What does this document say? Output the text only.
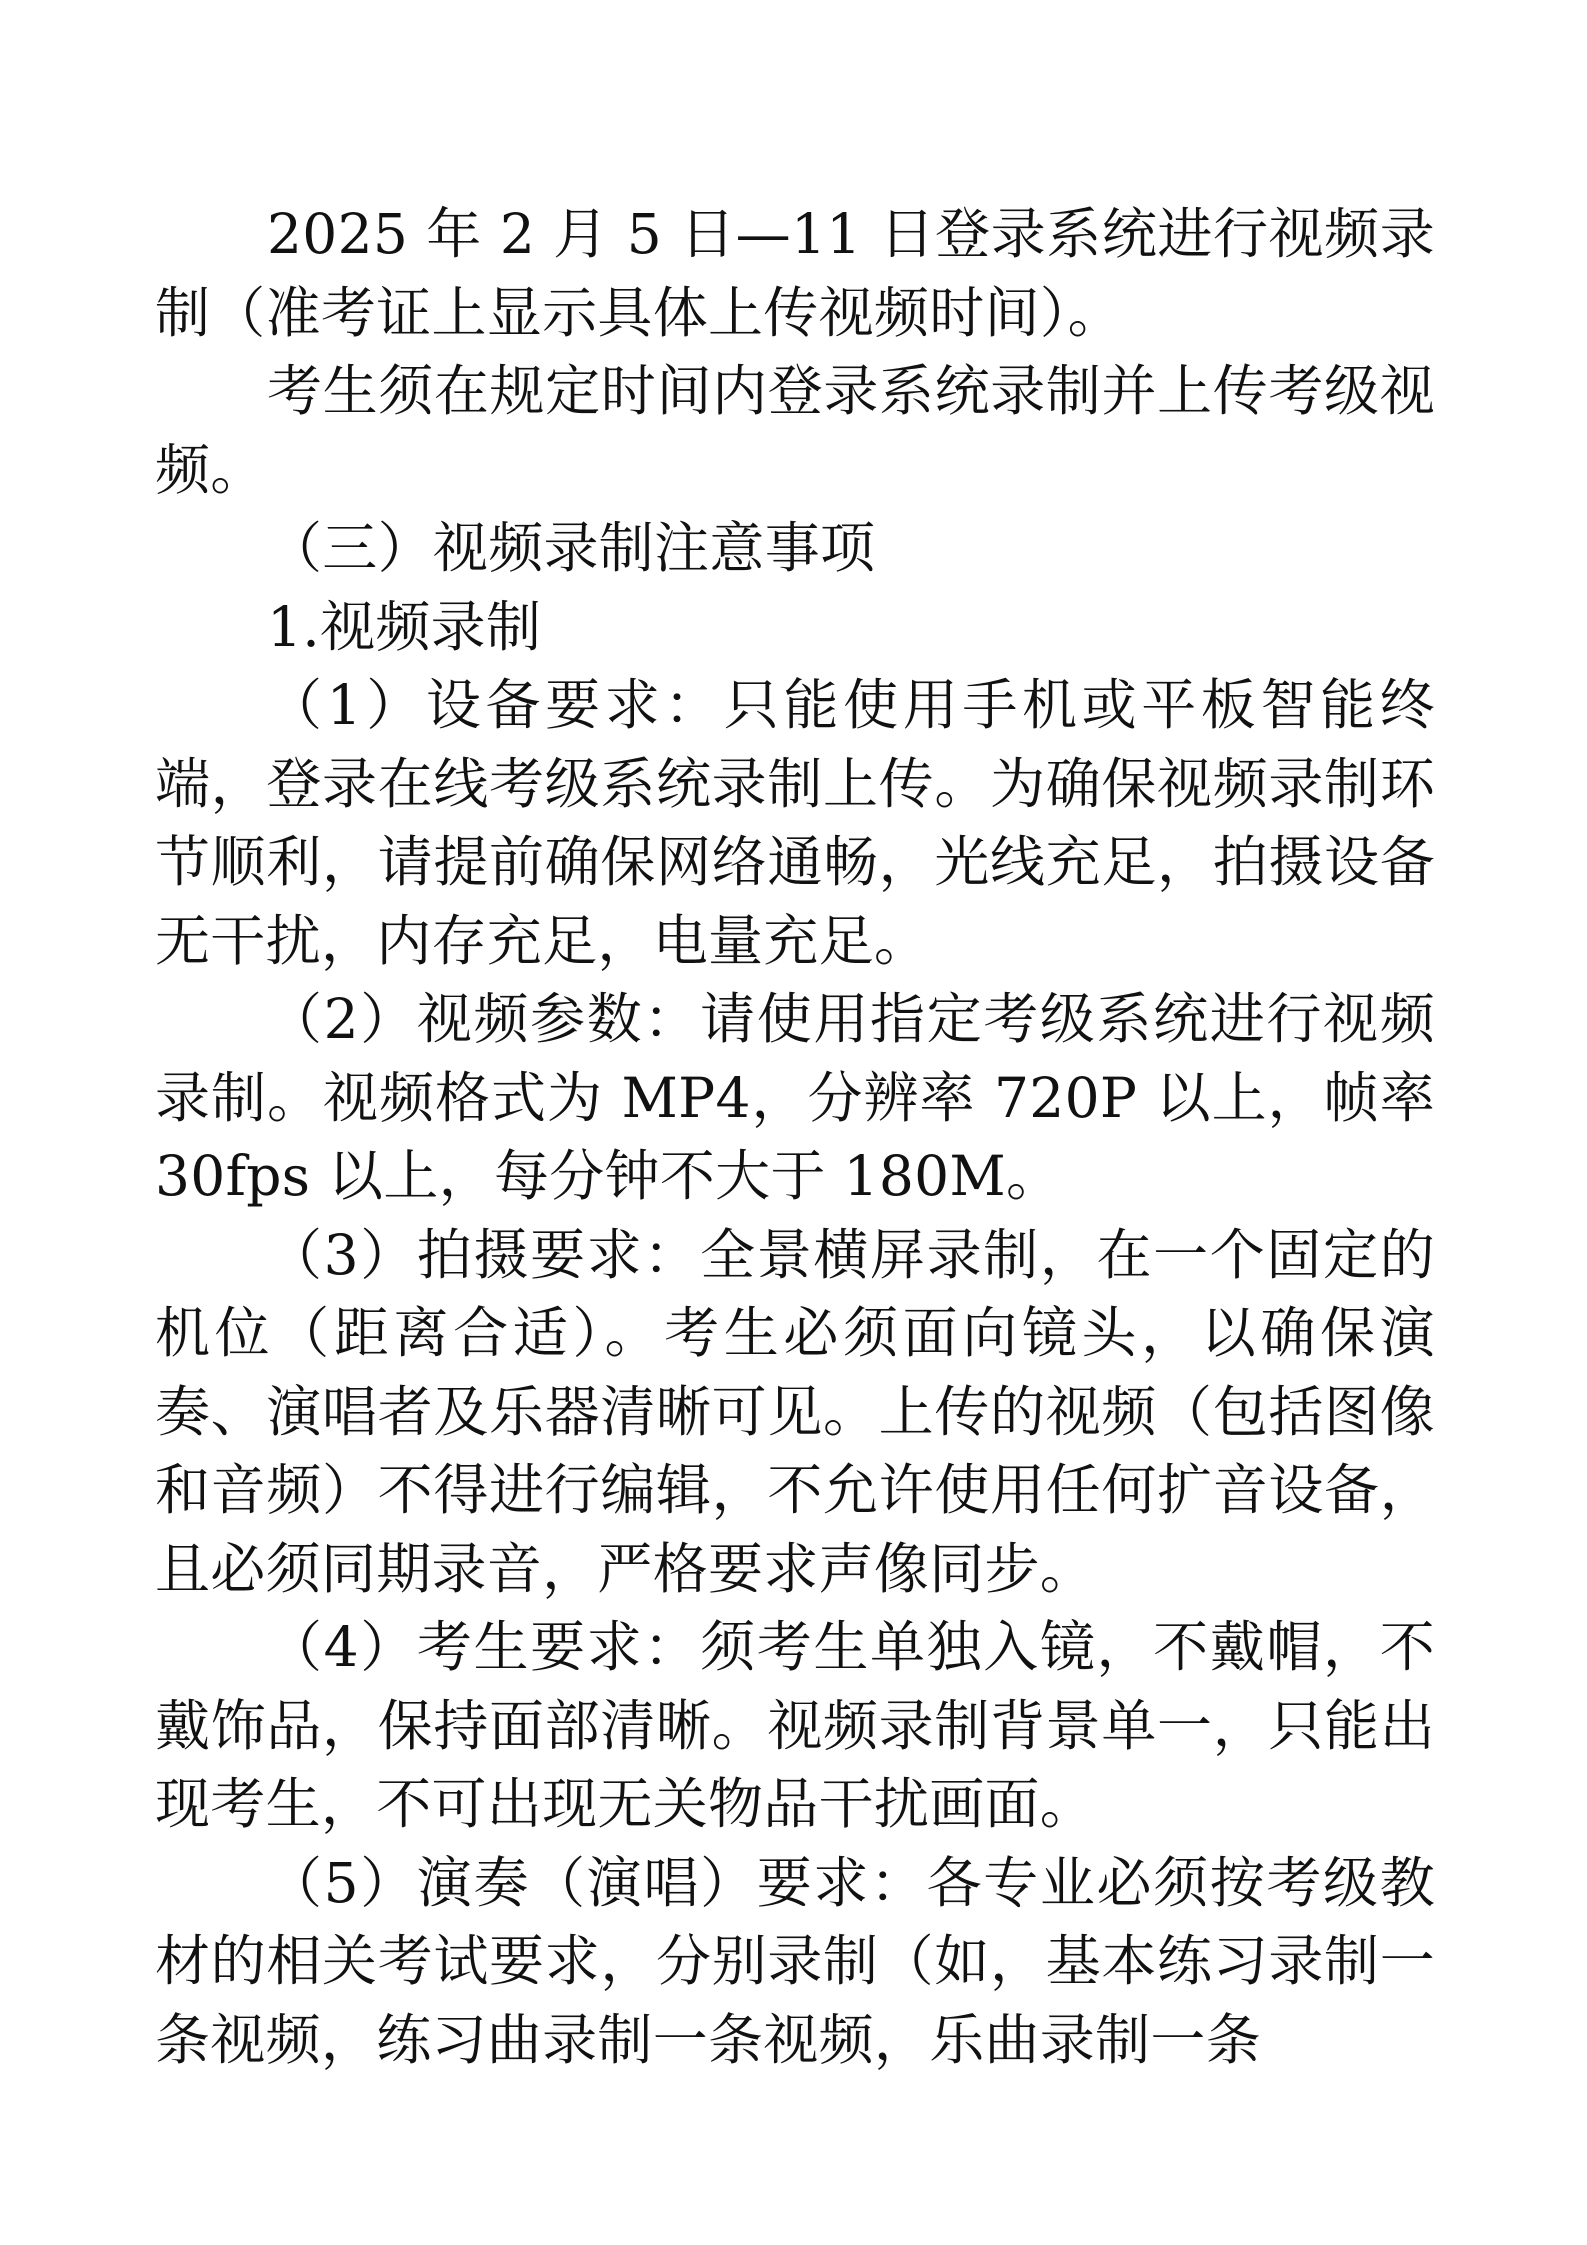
2025 年 2 月 5 日—11 日登录系统进行视频录制（准考证上显示具体上传视频时间）。

考生须在规定时间内登录系统录制并上传考级视频。

（三）视频录制注意事项

1.视频录制

（1）设备要求：只能使用手机或平板智能终端，登录在线考级系统录制上传。为确保视频录制环节顺利，请提前确保网络通畅，光线充足，拍摄设备无干扰，内存充足，电量充足。

（2）视频参数：请使用指定考级系统进行视频录制。视频格式为 MP4，分辨率 720P 以上，帧率 30fps 以上，每分钟不大于 180M。

（3）拍摄要求：全景横屏录制，在一个固定的机位（距离合适）。考生必须面向镜头，以确保演奏、演唱者及乐器清晰可见。上传的视频（包括图像和音频）不得进行编辑，不允许使用任何扩音设备，且必须同期录音，严格要求声像同步。

（4）考生要求：须考生单独入镜，不戴帽，不戴饰品，保持面部清晰。视频录制背景单一，只能出现考生，不可出现无关物品干扰画面。

（5）演奏（演唱）要求：各专业必须按考级教材的相关考试要求，分别录制（如，基本练习录制一条视频，练习曲录制一条视频，乐曲录制一条
